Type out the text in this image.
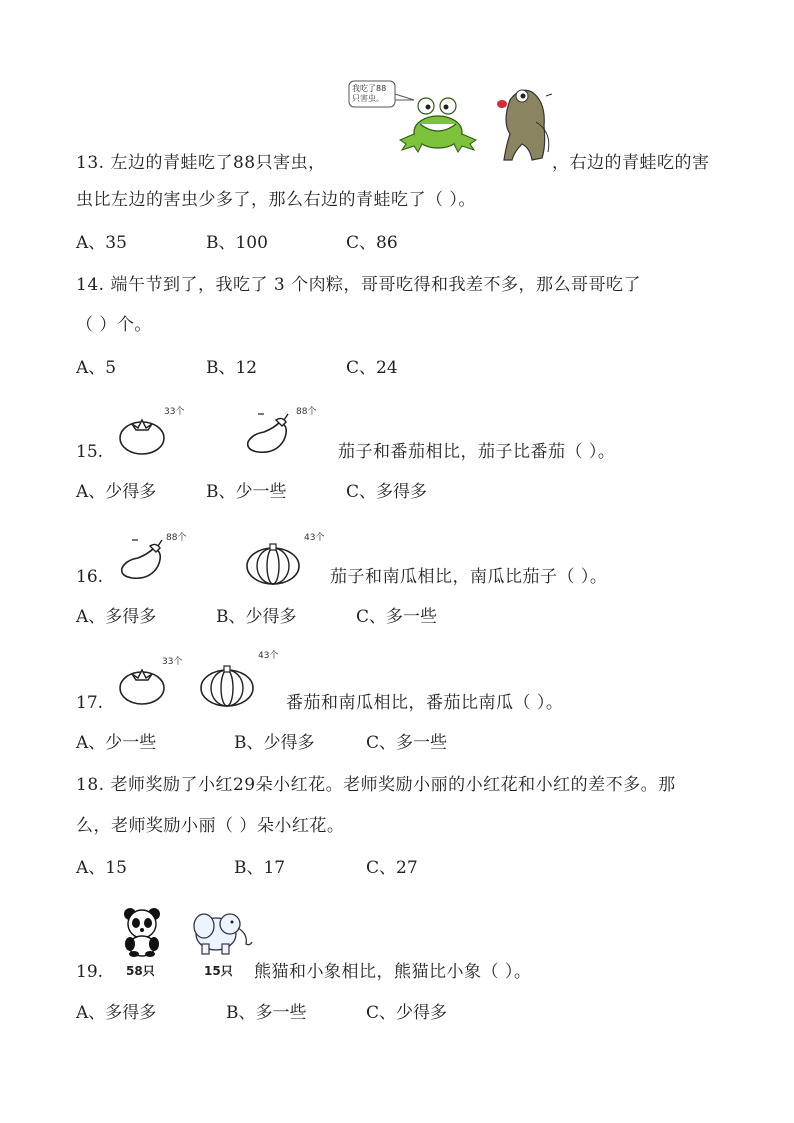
我吃了88只害虫。
13. 左边的青蛙吃了88只害虫，	，右边的青蛙吃的害
虫比左边的害虫少多了，那么右边的青蛙吃了（ ）。
A、35	B、100	C、86
14. 端午节到了，我吃了 3 个肉粽，哥哥吃得和我差不多，那么哥哥吃了
（ ）个。
A、5	B、12	C、24
33个	88个
15.	茄子和番茄相比，茄子比番茄（ ）。
A、少得多	B、少一些	C、多得多
88个	43个
16.	茄子和南瓜相比，南瓜比茄子（ ）。
A、多得多	B、少得多	C、多一些
33个
43个
17.	番茄和南瓜相比，番茄比南瓜（ ）。
A、少一些	B、少得多	C、多一些
18. 老师奖励了小红29朵小红花。老师奖励小丽的小红花和小红的差不多。那
么，老师奖励小丽（ ）朵小红花。
A、15	B、17	C、27
58只	15只
19.	熊猫和小象相比，熊猫比小象（ ）。
A、多得多	B、多一些	C、少得多
